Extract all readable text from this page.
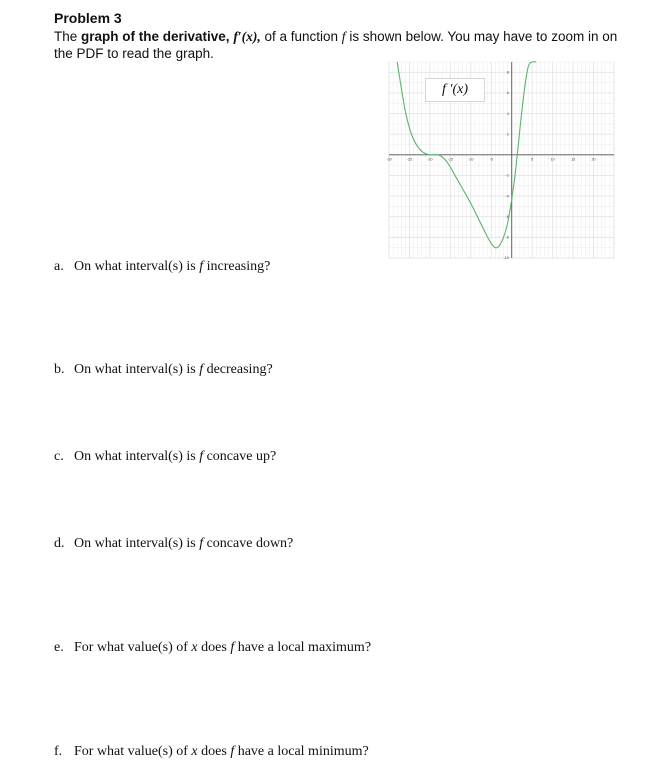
Problem 3
The graph of the derivative, f′(x), of a function f is shown below. You may have to zoom in on the PDF to read the graph.
-30	-25	-20	-15	-10	-5	5	10	15	20
-10
-8
-6
-4
-2
2
4
6
8
f ′(x)
a. On what interval(s) is f increasing?
b. On what interval(s) is f decreasing?
c. On what interval(s) is f concave up?
d. On what interval(s) is f concave down?
e. For what value(s) of x does f have a local maximum?
f. For what value(s) of x does f have a local minimum?
